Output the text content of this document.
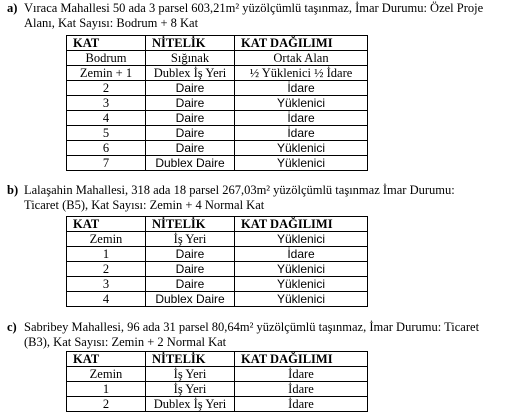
a) Vıraca Mahallesi 50 ada 3 parsel 603,21m² yüzölçümlü taşınmaz, İmar Durumu: Özel Proje
Alanı, Kat Sayısı: Bodrum + 8 Kat
KAT	NİTELİK	KAT DAĞILIMI
Bodrum	Sığınak	Ortak Alan
Zemin + 1	Dublex İş Yeri	½ Yüklenici ½ İdare
2	Daire	İdare
3	Daire	Yüklenici
4	Daire	İdare
5	Daire	İdare
6	Daire	Yüklenici
7	Dublex Daire	Yüklenici
b) Lalaşahin Mahallesi, 318 ada 18 parsel 267,03m² yüzölçümlü taşınmaz İmar Durumu:
Ticaret (B5), Kat Sayısı: Zemin + 4 Normal Kat
KAT	NİTELİK	KAT DAĞILIMI
Zemin	İş Yeri	Yüklenici
1	Daire	İdare
2	Daire	Yüklenici
3	Daire	Yüklenici
4	Dublex Daire	Yüklenici
c) Sabribey Mahallesi, 96 ada 31 parsel 80,64m² yüzölçümlü taşınmaz, İmar Durumu: Ticaret
(B3), Kat Sayısı: Zemin + 2 Normal Kat
KAT	NİTELİK	KAT DAĞILIMI
Zemin	İş Yeri	İdare
1	İş Yeri	İdare
2	Dublex İş Yeri	İdare
